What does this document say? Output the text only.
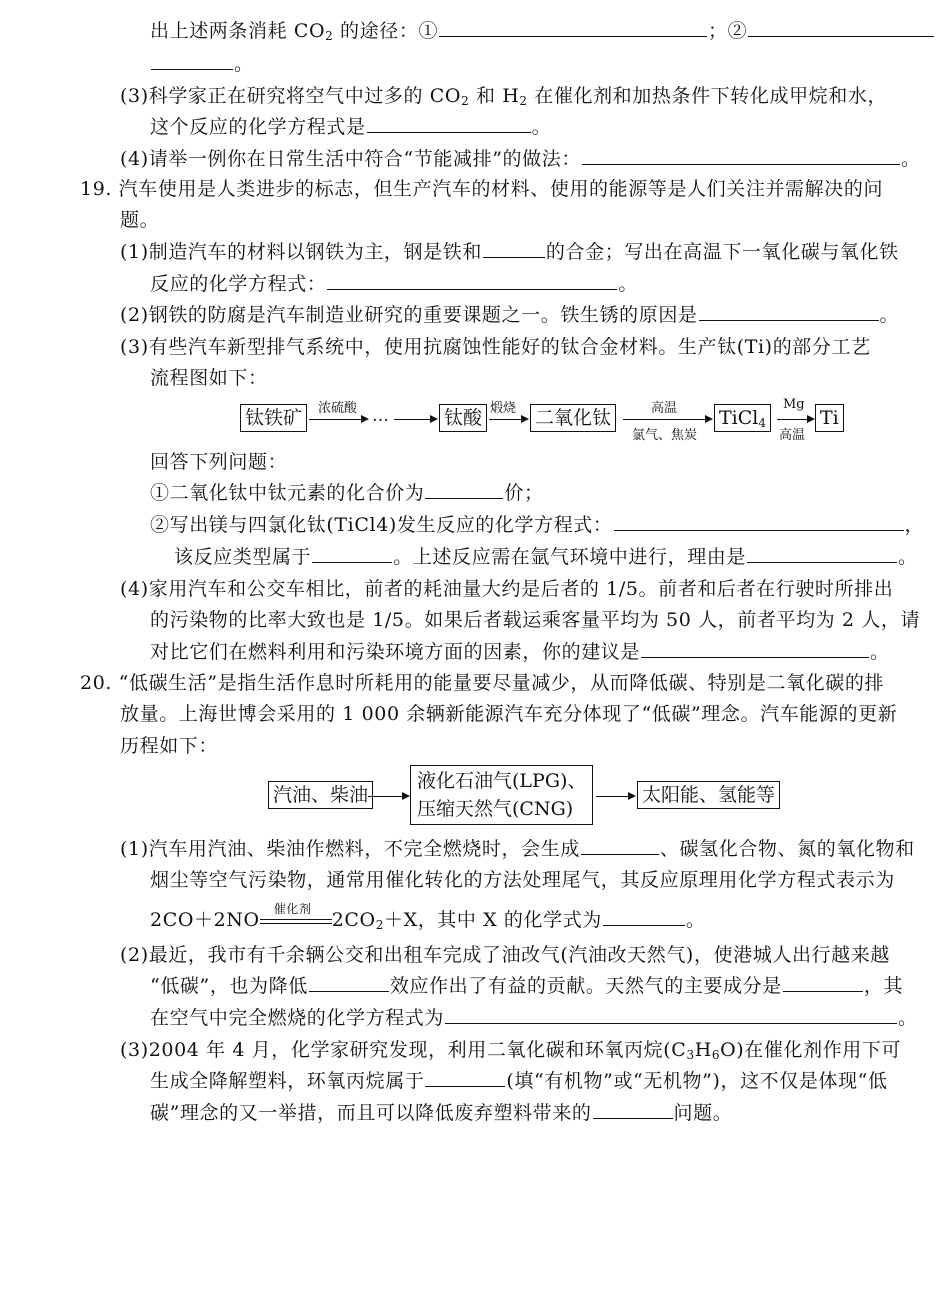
出上述两条消耗 $CO_2$ 的途径：①	；②
。
(3)科学家正在研究将空气中过多的 $CO_2$ 和 $H_2$ 在催化剂和加热条件下转化成甲烷和水，
这个反应的化学方程式是	。
(4)请举一例你在日常生活中符合“节能减排”的做法：	。
19. 汽车使用是人类进步的标志，但生产汽车的材料、使用的能源等是人们关注并需解决的问
题。
(1)制造汽车的材料以钢铁为主，钢是铁和	的合金；写出在高温下一氧化碳与氧化铁
反应的化学方程式：	。
(2)钢铁的防腐是汽车制造业研究的重要课题之一。铁生锈的原因是	。
(3)有些汽车新型排气系统中，使用抗腐蚀性能好的钛合金材料。生产钛(Ti)的部分工艺
流程图如下：
钛铁矿	浓硫酸 …	钛酸 煅烧 二氧化钛	高温
氯气、焦炭
TiCl$_4$
Mg
高温
Ti
回答下列问题：
①二氧化钛中钛元素的化合价为	价；
②写出镁与四氯化钛(TiCl4)发生反应的化学方程式：	，
该反应类型属于	。上述反应需在氩气环境中进行，理由是	。
(4)家用汽车和公交车相比，前者的耗油量大约是后者的 1/5。前者和后者在行驶时所排出
的污染物的比率大致也是 1/5。如果后者载运乘客量平均为 50 人，前者平均为 2 人，请
对比它们在燃料利用和污染环境方面的因素，你的建议是	。
20. “低碳生活”是指生活作息时所耗用的能量要尽量减少，从而降低碳、特别是二氧化碳的排
放量。上海世博会采用的 1 000 余辆新能源汽车充分体现了“低碳”理念。汽车能源的更新
历程如下：
汽油、柴油
液化石油气(LPG)、
压缩天然气(CNG)
太阳能、氢能等
(1)汽车用汽油、柴油作燃料，不完全燃烧时，会生成	、碳氢化合物、氮的氧化物和
烟尘等空气污染物，通常用催化转化的方法处理尾气，其反应原理用化学方程式表示为
2CO＋2NO 催化剂 $2CO_2+X$，其中 X 的化学式为	。
(2)最近，我市有千余辆公交和出租车完成了油改气(汽油改天然气)，使港城人出行越来越
“低碳”，也为降低	效应作出了有益的贡献。天然气的主要成分是	，其
在空气中完全燃烧的化学方程式为	。
(3)2004 年 4 月，化学家研究发现，利用二氧化碳和环氧丙烷$(C_3H_6O)$在催化剂作用下可
生成全降解塑料，环氧丙烷属于	(填“有机物”或“无机物”)，这不仅是体现“低
碳”理念的又一举措，而且可以降低废弃塑料带来的	问题。
